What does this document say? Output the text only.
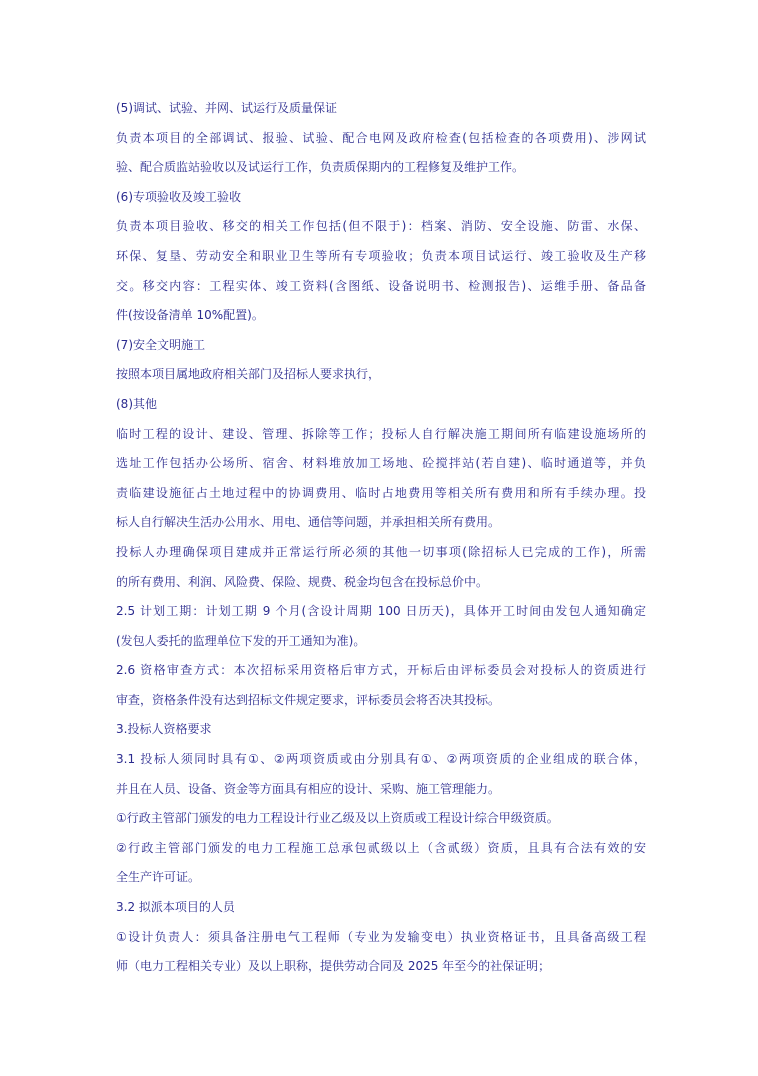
(5)调试、试验、并网、试运行及质量保证
负责本项目的全部调试、报验、试验、配合电网及政府检查(包括检查的各项费用)、涉网试
验、配合质监站验收以及试运行工作，负责质保期内的工程修复及维护工作。
(6)专项验收及竣工验收
负责本项目验收、移交的相关工作包括(但不限于)：档案、消防、安全设施、防雷、水保、
环保、复垦、劳动安全和职业卫生等所有专项验收；负责本项目试运行、竣工验收及生产移
交。移交内容：工程实体、竣工资料(含图纸、设备说明书、检测报告)、运维手册、备品备
件(按设备清单 10%配置)。
(7)安全文明施工
按照本项目属地政府相关部门及招标人要求执行，
(8)其他
临时工程的设计、建设、管理、拆除等工作；投标人自行解决施工期间所有临建设施场所的
选址工作包括办公场所、宿舍、材料堆放加工场地、砼搅拌站(若自建)、临时通道等，并负
责临建设施征占土地过程中的协调费用、临时占地费用等相关所有费用和所有手续办理。投
标人自行解决生活办公用水、用电、通信等问题，并承担相关所有费用。
投标人办理确保项目建成并正常运行所必须的其他一切事项(除招标人已完成的工作)，所需
的所有费用、利润、风险费、保险、规费、税金均包含在投标总价中。
2.5 计划工期：计划工期 9 个月(含设计周期 100 日历天)，具体开工时间由发包人通知确定
(发包人委托的监理单位下发的开工通知为准)。
2.6 资格审查方式：本次招标采用资格后审方式，开标后由评标委员会对投标人的资质进行
审查，资格条件没有达到招标文件规定要求，评标委员会将否决其投标。
3.投标人资格要求
3.1 投标人须同时具有①、②两项资质或由分别具有①、②两项资质的企业组成的联合体，
并且在人员、设备、资金等方面具有相应的设计、采购、施工管理能力。
①行政主管部门颁发的电力工程设计行业乙级及以上资质或工程设计综合甲级资质。
②行政主管部门颁发的电力工程施工总承包贰级以上（含贰级）资质，且具有合法有效的安
全生产许可证。
3.2 拟派本项目的人员
①设计负责人：须具备注册电气工程师（专业为发输变电）执业资格证书，且具备高级工程
师（电力工程相关专业）及以上职称，提供劳动合同及 2025 年至今的社保证明；
